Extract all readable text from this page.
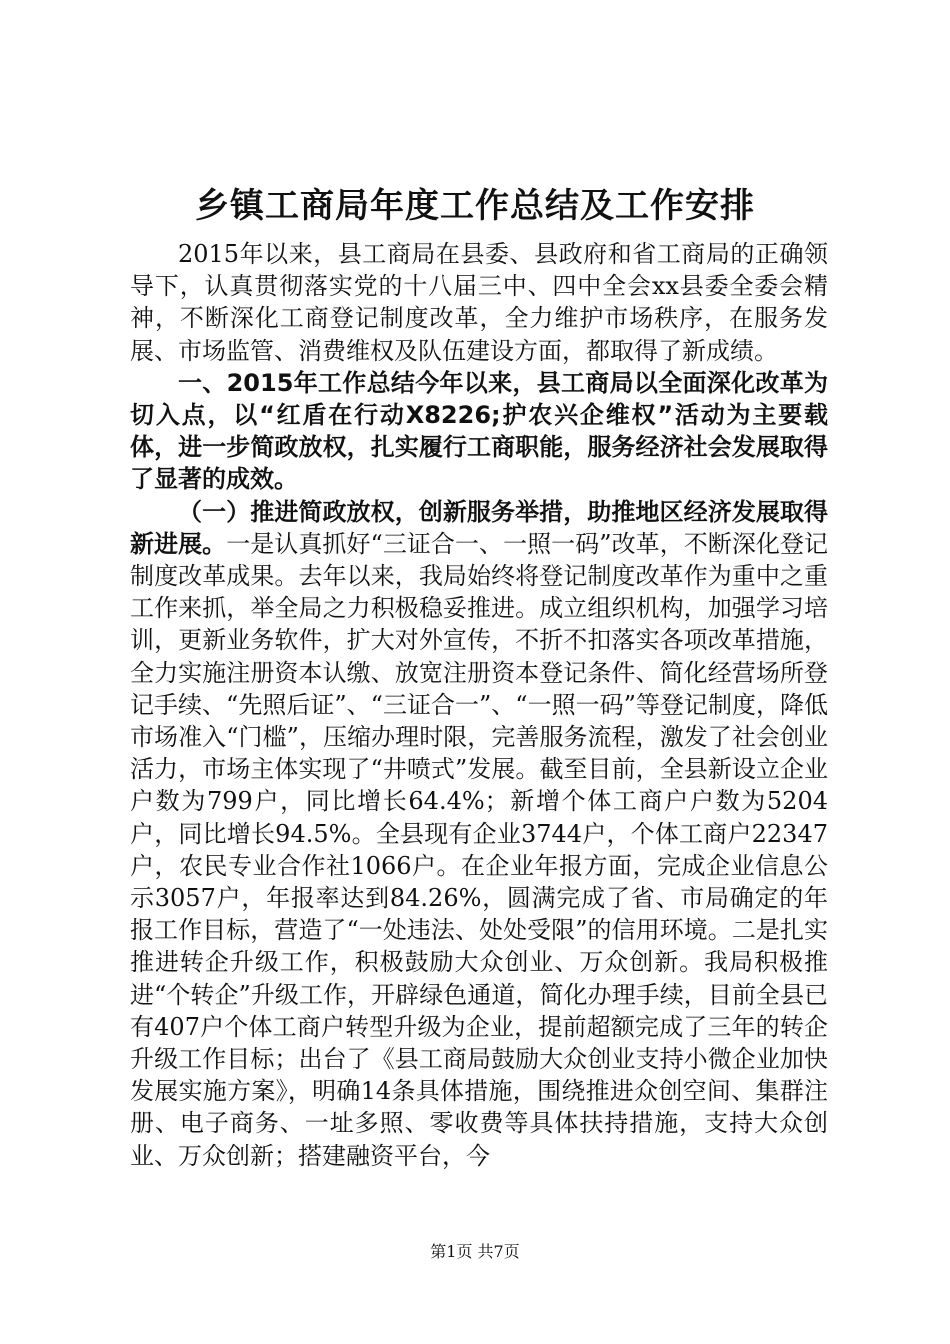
乡镇工商局年度工作总结及工作安排

2015年以来，县工商局在县委、县政府和省工商局的正确领导下，认真贯彻落实党的十八届三中、四中全会xx县委全委会精神，不断深化工商登记制度改革，全力维护市场秩序，在服务发展、市场监管、消费维权及队伍建设方面，都取得了新成绩。

一、2015年工作总结今年以来，县工商局以全面深化改革为切入点，以“红盾在行动X8226;护农兴企维权”活动为主要载体，进一步简政放权，扎实履行工商职能，服务经济社会发展取得了显著的成效。

（一）推进简政放权，创新服务举措，助推地区经济发展取得新进展。一是认真抓好“三证合一、一照一码”改革，不断深化登记制度改革成果。去年以来，我局始终将登记制度改革作为重中之重工作来抓，举全局之力积极稳妥推进。成立组织机构，加强学习培训，更新业务软件，扩大对外宣传，不折不扣落实各项改革措施，全力实施注册资本认缴、放宽注册资本登记条件、简化经营场所登记手续、“先照后证”、“三证合一”、“一照一码”等登记制度，降低市场准入“门槛”，压缩办理时限，完善服务流程，激发了社会创业活力，市场主体实现了“井喷式”发展。截至目前，全县新设立企业户数为799户，同比增长64.4%；新增个体工商户户数为5204户，同比增长94.5%。全县现有企业3744户，个体工商户22347户，农民专业合作社1066户。在企业年报方面，完成企业信息公示3057户，年报率达到84.26%，圆满完成了省、市局确定的年报工作目标，营造了“一处违法、处处受限”的信用环境。二是扎实推进转企升级工作，积极鼓励大众创业、万众创新。我局积极推进“个转企”升级工作，开辟绿色通道，简化办理手续，目前全县已有407户个体工商户转型升级为企业，提前超额完成了三年的转企升级工作目标；出台了《县工商局鼓励大众创业支持小微企业加快发展实施方案》，明确14条具体措施，围绕推进众创空间、集群注册、电子商务、一址多照、零收费等具体扶持措施，支持大众创业、万众创新；搭建融资平台，今

第1页 共7页
